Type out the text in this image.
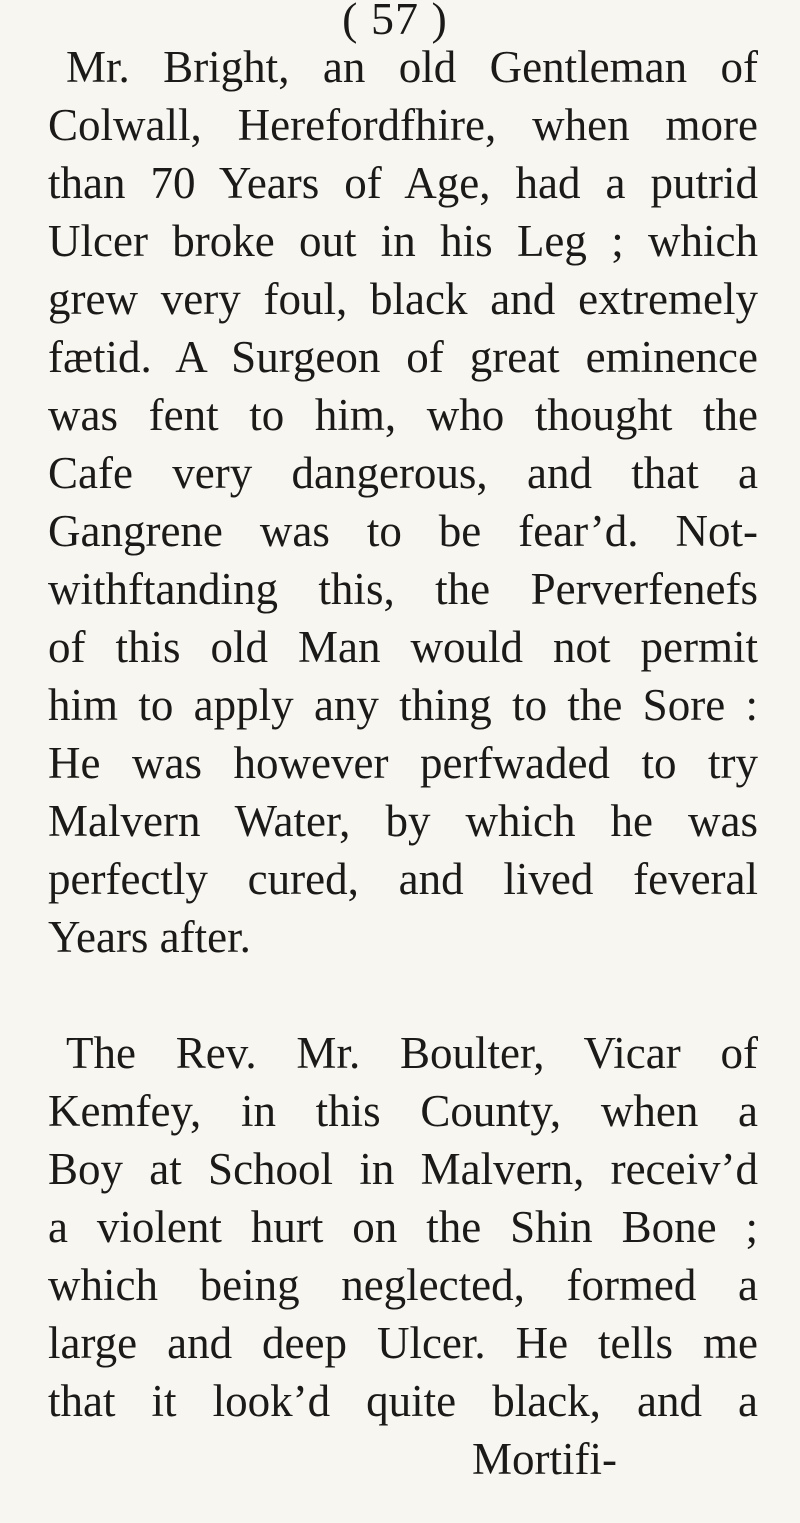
( 57 )
Mr. Bright, an old Gentleman of
Colwall, Herefordfhire, when more
than 70 Years of Age, had a putrid
Ulcer broke out in his Leg ; which
grew very foul, black and extremely
fætid. A Surgeon of great eminence
was fent to him, who thought the
Cafe very dangerous, and that a
Gangrene was to be fear’d. Not-
withftanding this, the Perverfenefs
of this old Man would not permit
him to apply any thing to the Sore :
He was however perfwaded to try
Malvern Water, by which he was
perfectly cured, and lived feveral
Years after.
The Rev. Mr. Boulter, Vicar of
Kemfey, in this County, when a
Boy at School in Malvern, receiv’d
a violent hurt on the Shin Bone ;
which being neglected, formed a
large and deep Ulcer. He tells me
that it look’d quite black, and a
Mortifi-
